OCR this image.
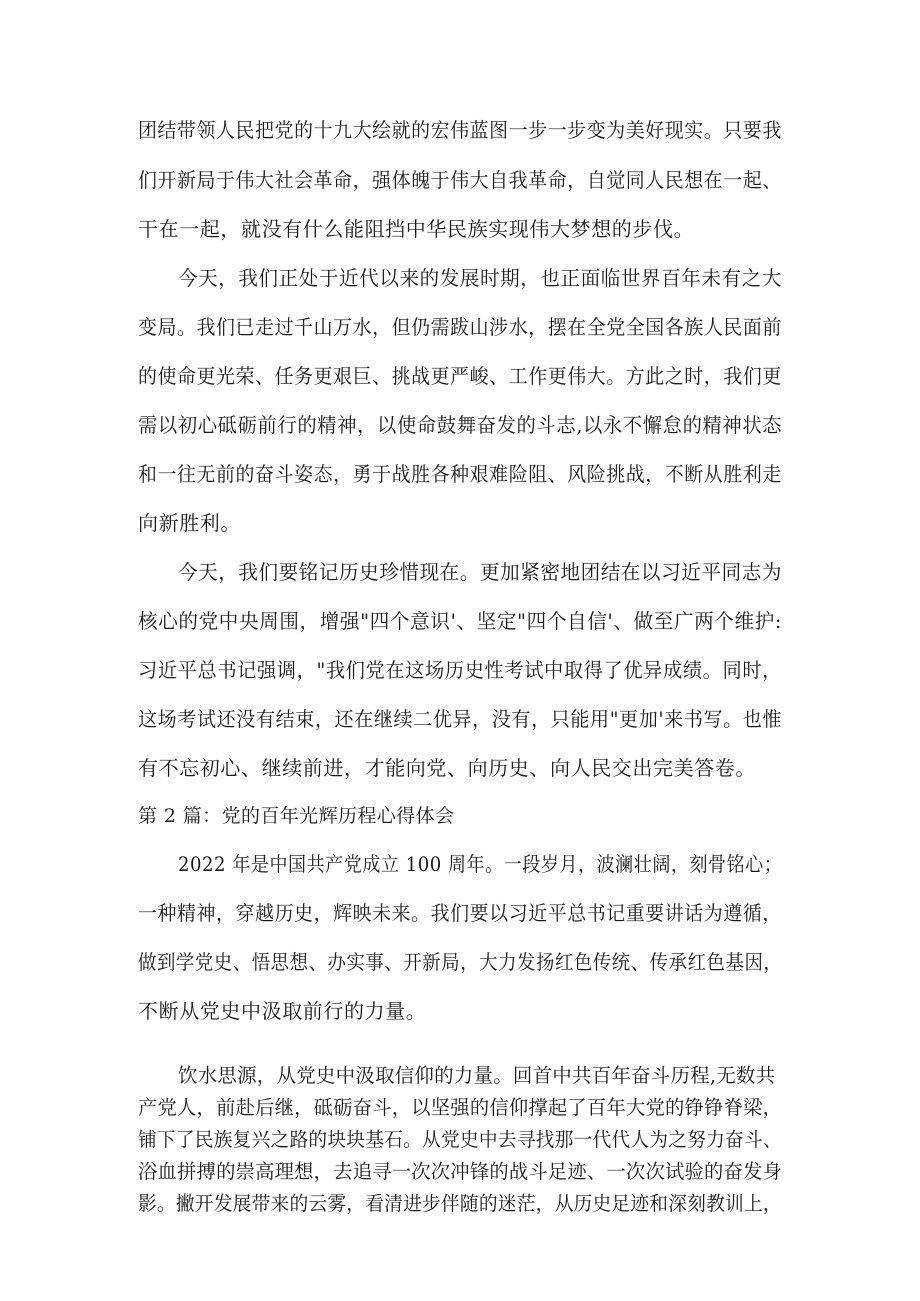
团结带领人民把党的十九大绘就的宏伟蓝图一步一步变为美好现实。只要我
们开新局于伟大社会革命，强体魄于伟大自我革命，自觉同人民想在一起、
干在一起，就没有什么能阻挡中华民族实现伟大梦想的步伐。
今天，我们正处于近代以来的发展时期，也正面临世界百年未有之大
变局。我们已走过千山万水，但仍需跋山涉水，摆在全党全国各族人民面前
的使命更光荣、任务更艰巨、挑战更严峻、工作更伟大。方此之时，我们更
需以初心砥砺前行的精神，以使命鼓舞奋发的斗志,以永不懈怠的精神状态
和一往无前的奋斗姿态，勇于战胜各种艰难险阻、风险挑战，不断从胜利走
向新胜利。
今天，我们要铭记历史珍惜现在。更加紧密地团结在以习近平同志为
核心的党中央周围，增强"四个意识'、坚定"四个自信'、做至广两个维护:
习近平总书记强调，"我们党在这场历史性考试中取得了优异成绩。同时，
这场考试还没有结束，还在继续二优异，没有，只能用"更加'来书写。也惟
有不忘初心、继续前进，才能向党、向历史、向人民交出完美答卷。
第 2 篇：党的百年光辉历程心得体会
2022 年是中国共产党成立 100 周年。一段岁月，波澜壮阔，刻骨铭心；
一种精神，穿越历史，辉映未来。我们要以习近平总书记重要讲话为遵循，
做到学党史、悟思想、办实事、开新局，大力发扬红色传统、传承红色基因，
不断从党史中汲取前行的力量。
饮水思源，从党史中汲取信仰的力量。回首中共百年奋斗历程,无数共
产党人，前赴后继，砥砺奋斗，以坚强的信仰撑起了百年大党的铮铮脊梁，
铺下了民族复兴之路的块块基石。从党史中去寻找那一代代人为之努力奋斗、
浴血拼搏的崇高理想，去追寻一次次冲锋的战斗足迹、一次次试验的奋发身
影。撇开发展带来的云雾，看清进步伴随的迷茫，从历史足迹和深刻教训上，
